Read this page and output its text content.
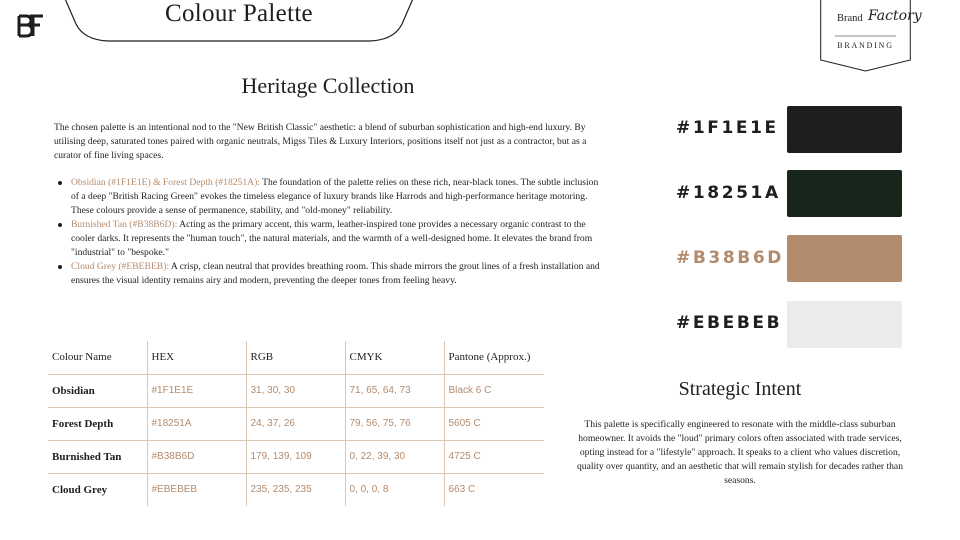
Colour Palette	Brand Factory
BRANDING
Heritage Collection

The chosen palette is an intentional nod to the "New British Classic" aesthetic: a blend of suburban sophistication and high-end luxury. By utilising deep, saturated tones paired with organic neutrals, Migss Tiles & Luxury Interiors, positions itself not just as a contractor, but as a curator of fine living spaces.

Obsidian (#1F1E1E) & Forest Depth (#18251A): The foundation of the palette relies on these rich, near-black tones. The subtle inclusion of a deep "British Racing Green" evokes the timeless elegance of luxury brands like Harrods and high-performance heritage motoring. These colours provide a sense of permanence, stability, and "old-money" reliability.
Burnished Tan (#B38B6D): Acting as the primary accent, this warm, leather-inspired tone provides a necessary organic contrast to the cooler darks. It represents the "human touch", the natural materials, and the warmth of a well-designed home. It elevates the brand from "industrial" to "bespoke."
Cloud Grey (#EBEBEB): A crisp, clean neutral that provides breathing room. This shade mirrors the grout lines of a fresh installation and ensures the visual identity remains airy and modern, preventing the deeper tones from feeling heavy.
Colour Name	HEX	RGB	CMYK	Pantone (Approx.)
Obsidian	#1F1E1E	31, 30, 30	71, 65, 64, 73	Black 6 C
Forest Depth	#18251A	24, 37, 26	79, 56, 75, 76	5605 C
Burnished Tan	#B38B6D	179, 139, 109	0, 22, 39, 30	4725 C
Cloud Grey	#EBEBEB	235, 235, 235	0, 0, 0, 8	663 C
#1F1E1E
#18251A
#B38B6D
#EBEBEB
Strategic Intent

This palette is specifically engineered to resonate with the middle-class suburban homeowner. It avoids the "loud" primary colors often associated with trade services, opting instead for a "lifestyle" approach. It speaks to a client who values discretion, quality over quantity, and an aesthetic that will remain stylish for decades rather than seasons.
